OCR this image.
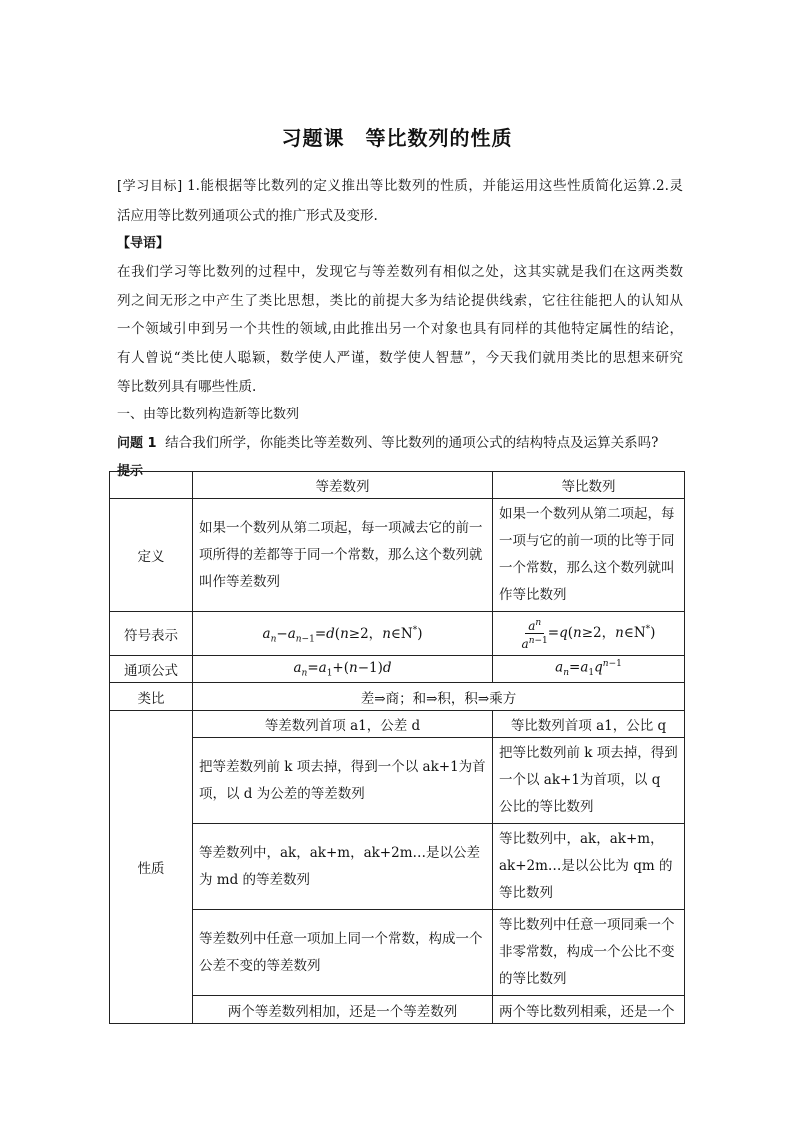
习题课　等比数列的性质
[学习目标] 1.能根据等比数列的定义推出等比数列的性质，并能运用这些性质简化运算.2.灵
活应用等比数列通项公式的推广形式及变形.
【导语】
在我们学习等比数列的过程中，发现它与等差数列有相似之处，这其实就是我们在这两类数
列之间无形之中产生了类比思想，类比的前提大多为结论提供线索，它往往能把人的认知从
一个领域引申到另一个共性的领域,由此推出另一个对象也具有同样的其他特定属性的结论，
有人曾说“类比使人聪颖，数学使人严谨，数学使人智慧”，今天我们就用类比的思想来研究
等比数列具有哪些性质.
一、由等比数列构造新等比数列
问题 1 结合我们所学，你能类比等差数列、等比数列的通项公式的结构特点及运算关系吗?
提示
	等差数列	等比数列
定义	如果一个数列从第二项起，每一项减去它的前一项所得的差都等于同一个常数，那么这个数列就叫作等差数列	如果一个数列从第二项起，每一项与它的前一项的比等于同一个常数，那么这个数列就叫作等比数列
符号表示	$a_n-a_{n-1}=d(n\ge 2$，n∈N*)	$\frac{a^n}{a^{n-1}} =q(n\ge 2$，n∈N*)
通项公式	$a_n=a_1+(n-1)d$	$a_n=a_1q^{n-1}$
类比	差⇒商；和⇒积，积⇒乘方	
性质	等差数列首项 a1，公差 d	等比数列首项 a1，公比 q
	把等差数列前 k 项去掉，得到一个以 ak+1为首项，以 d 为公差的等差数列	把等比数列前 k 项去掉，得到一个以 ak+1为首项，以 q 公比的等比数列
	等差数列中，ak，ak+m，ak+2m…是以公差为 md 的等差数列	等比数列中，ak，ak+m，ak+2m…是以公比为 qm 的等比数列
	等差数列中任意一项加上同一个常数，构成一个公差不变的等差数列	等比数列中任意一项同乘一个非零常数，构成一个公比不变的等比数列
	两个等差数列相加，还是一个等差数列	两个等比数列相乘，还是一个
